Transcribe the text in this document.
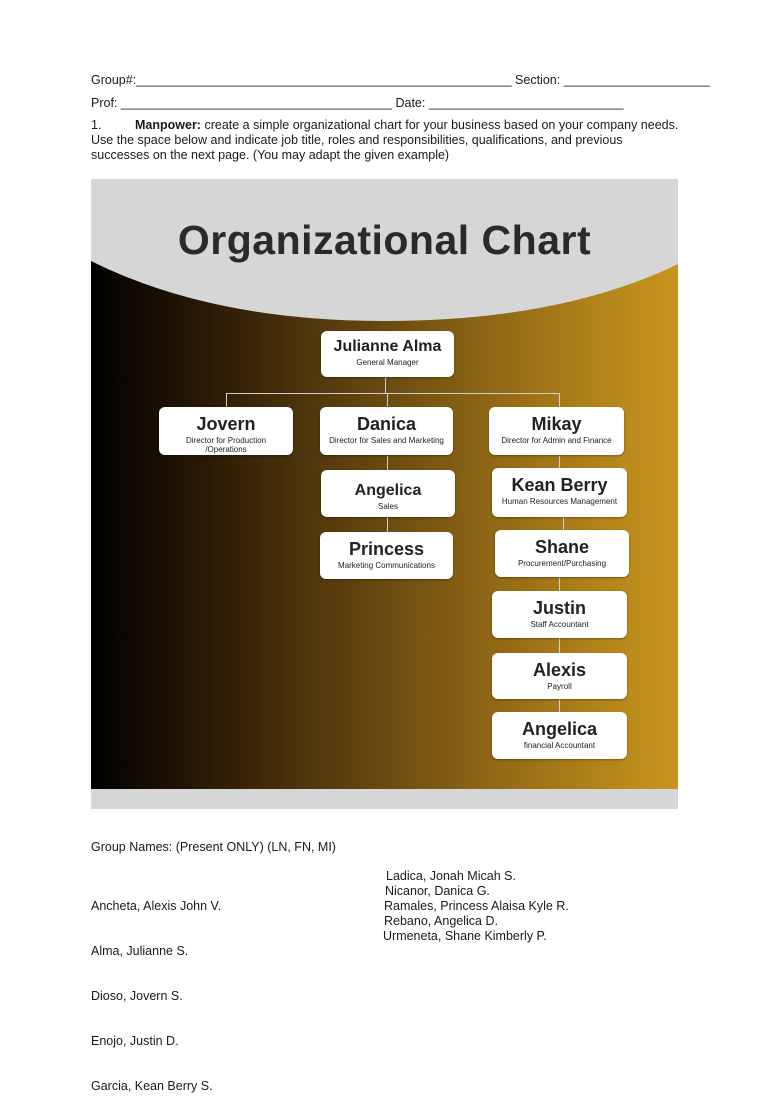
Group#:______________________________________________________ Section: _____________________
Prof: _______________________________________ Date: ____________________________
1.	Manpower: create a simple organizational chart for your business based on your company needs. Use the space below and indicate job title, roles and responsibilities, qualifications, and previous successes on the next page. (You may adapt the given example)
Organizational Chart
Julianne Alma
General Manager
Jovern
Director for Production /Operations
Danica
Director for Sales and Marketing
Mikay
Director for Admin and Finance
Angelica
Sales
Princess
Marketing Communications
Kean Berry
Human Resources Management
Shane
Procurement/Purchasing
Justin
Staff Accountant
Alexis
Payroll
Angelica
financial Accountant
Group Names: (Present ONLY) (LN, FN, MI)

Ancheta, Alexis John V.

Alma, Julianne S.

Dioso, Jovern S.

Enojo, Justin D.

Garcia, Kean Berry S.

Ladica, Jonah Micah S.

Nicanor, Danica G.

Ramales, Princess Alaisa Kyle R.

Rebano, Angelica D.

Urmeneta, Shane Kimberly P.
